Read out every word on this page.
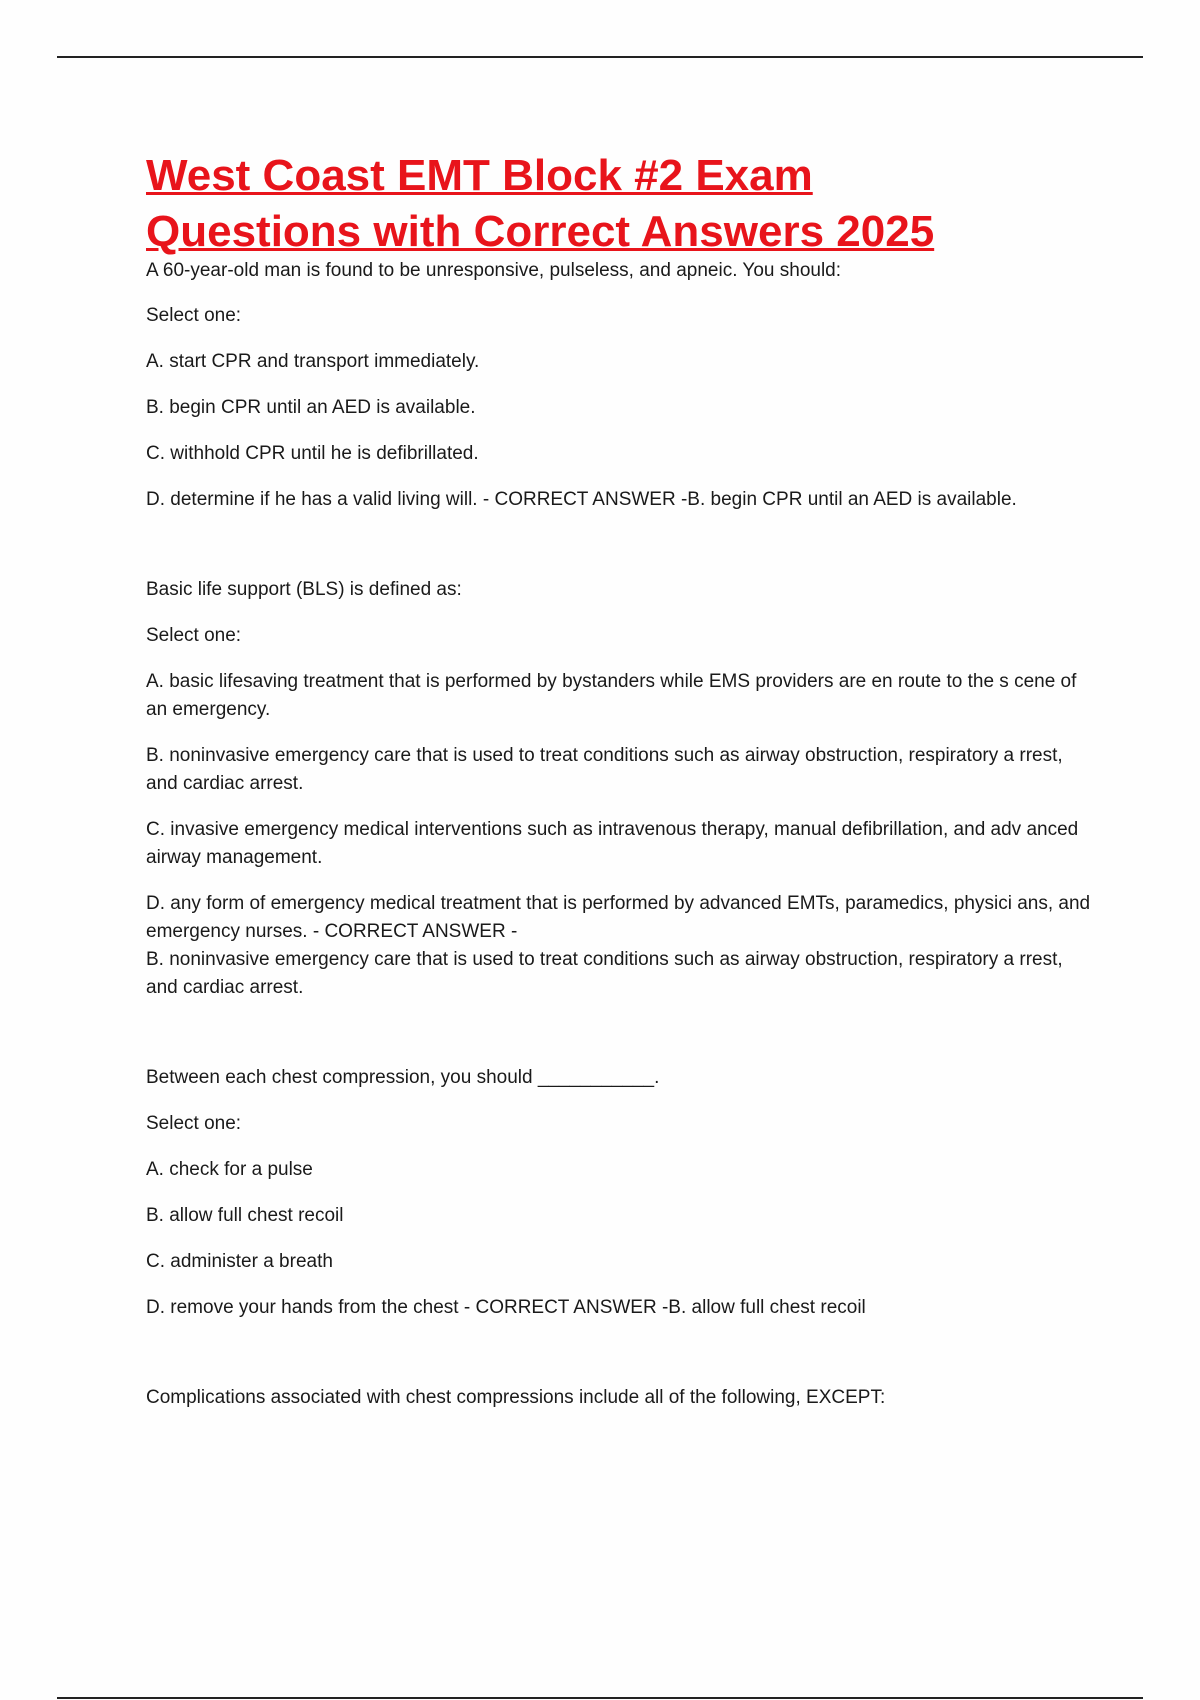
West Coast EMT Block #2 Exam
Questions with Correct Answers 2025

A 60-year-old man is found to be unresponsive, pulseless, and apneic. You should:

Select one:

A. start CPR and transport immediately.

B. begin CPR until an AED is available.

C. withhold CPR until he is defibrillated.

D. determine if he has a valid living will. - CORRECT ANSWER -B. begin CPR until an AED is available.

Basic life support (BLS) is defined as:

Select one:

A. basic lifesaving treatment that is performed by bystanders while EMS providers are en route to the s cene of an emergency.

B. noninvasive emergency care that is used to treat conditions such as airway obstruction, respiratory a rrest, and cardiac arrest.

C. invasive emergency medical interventions such as intravenous therapy, manual defibrillation, and adv anced airway management.

D. any form of emergency medical treatment that is performed by advanced EMTs, paramedics, physici ans, and emergency nurses. - CORRECT ANSWER -

B. noninvasive emergency care that is used to treat conditions such as airway obstruction, respiratory a rrest, and cardiac arrest.

Between each chest compression, you should ___________.

Select one:

A. check for a pulse

B. allow full chest recoil

C. administer a breath

D. remove your hands from the chest - CORRECT ANSWER -B. allow full chest recoil

Complications associated with chest compressions include all of the following, EXCEPT:
